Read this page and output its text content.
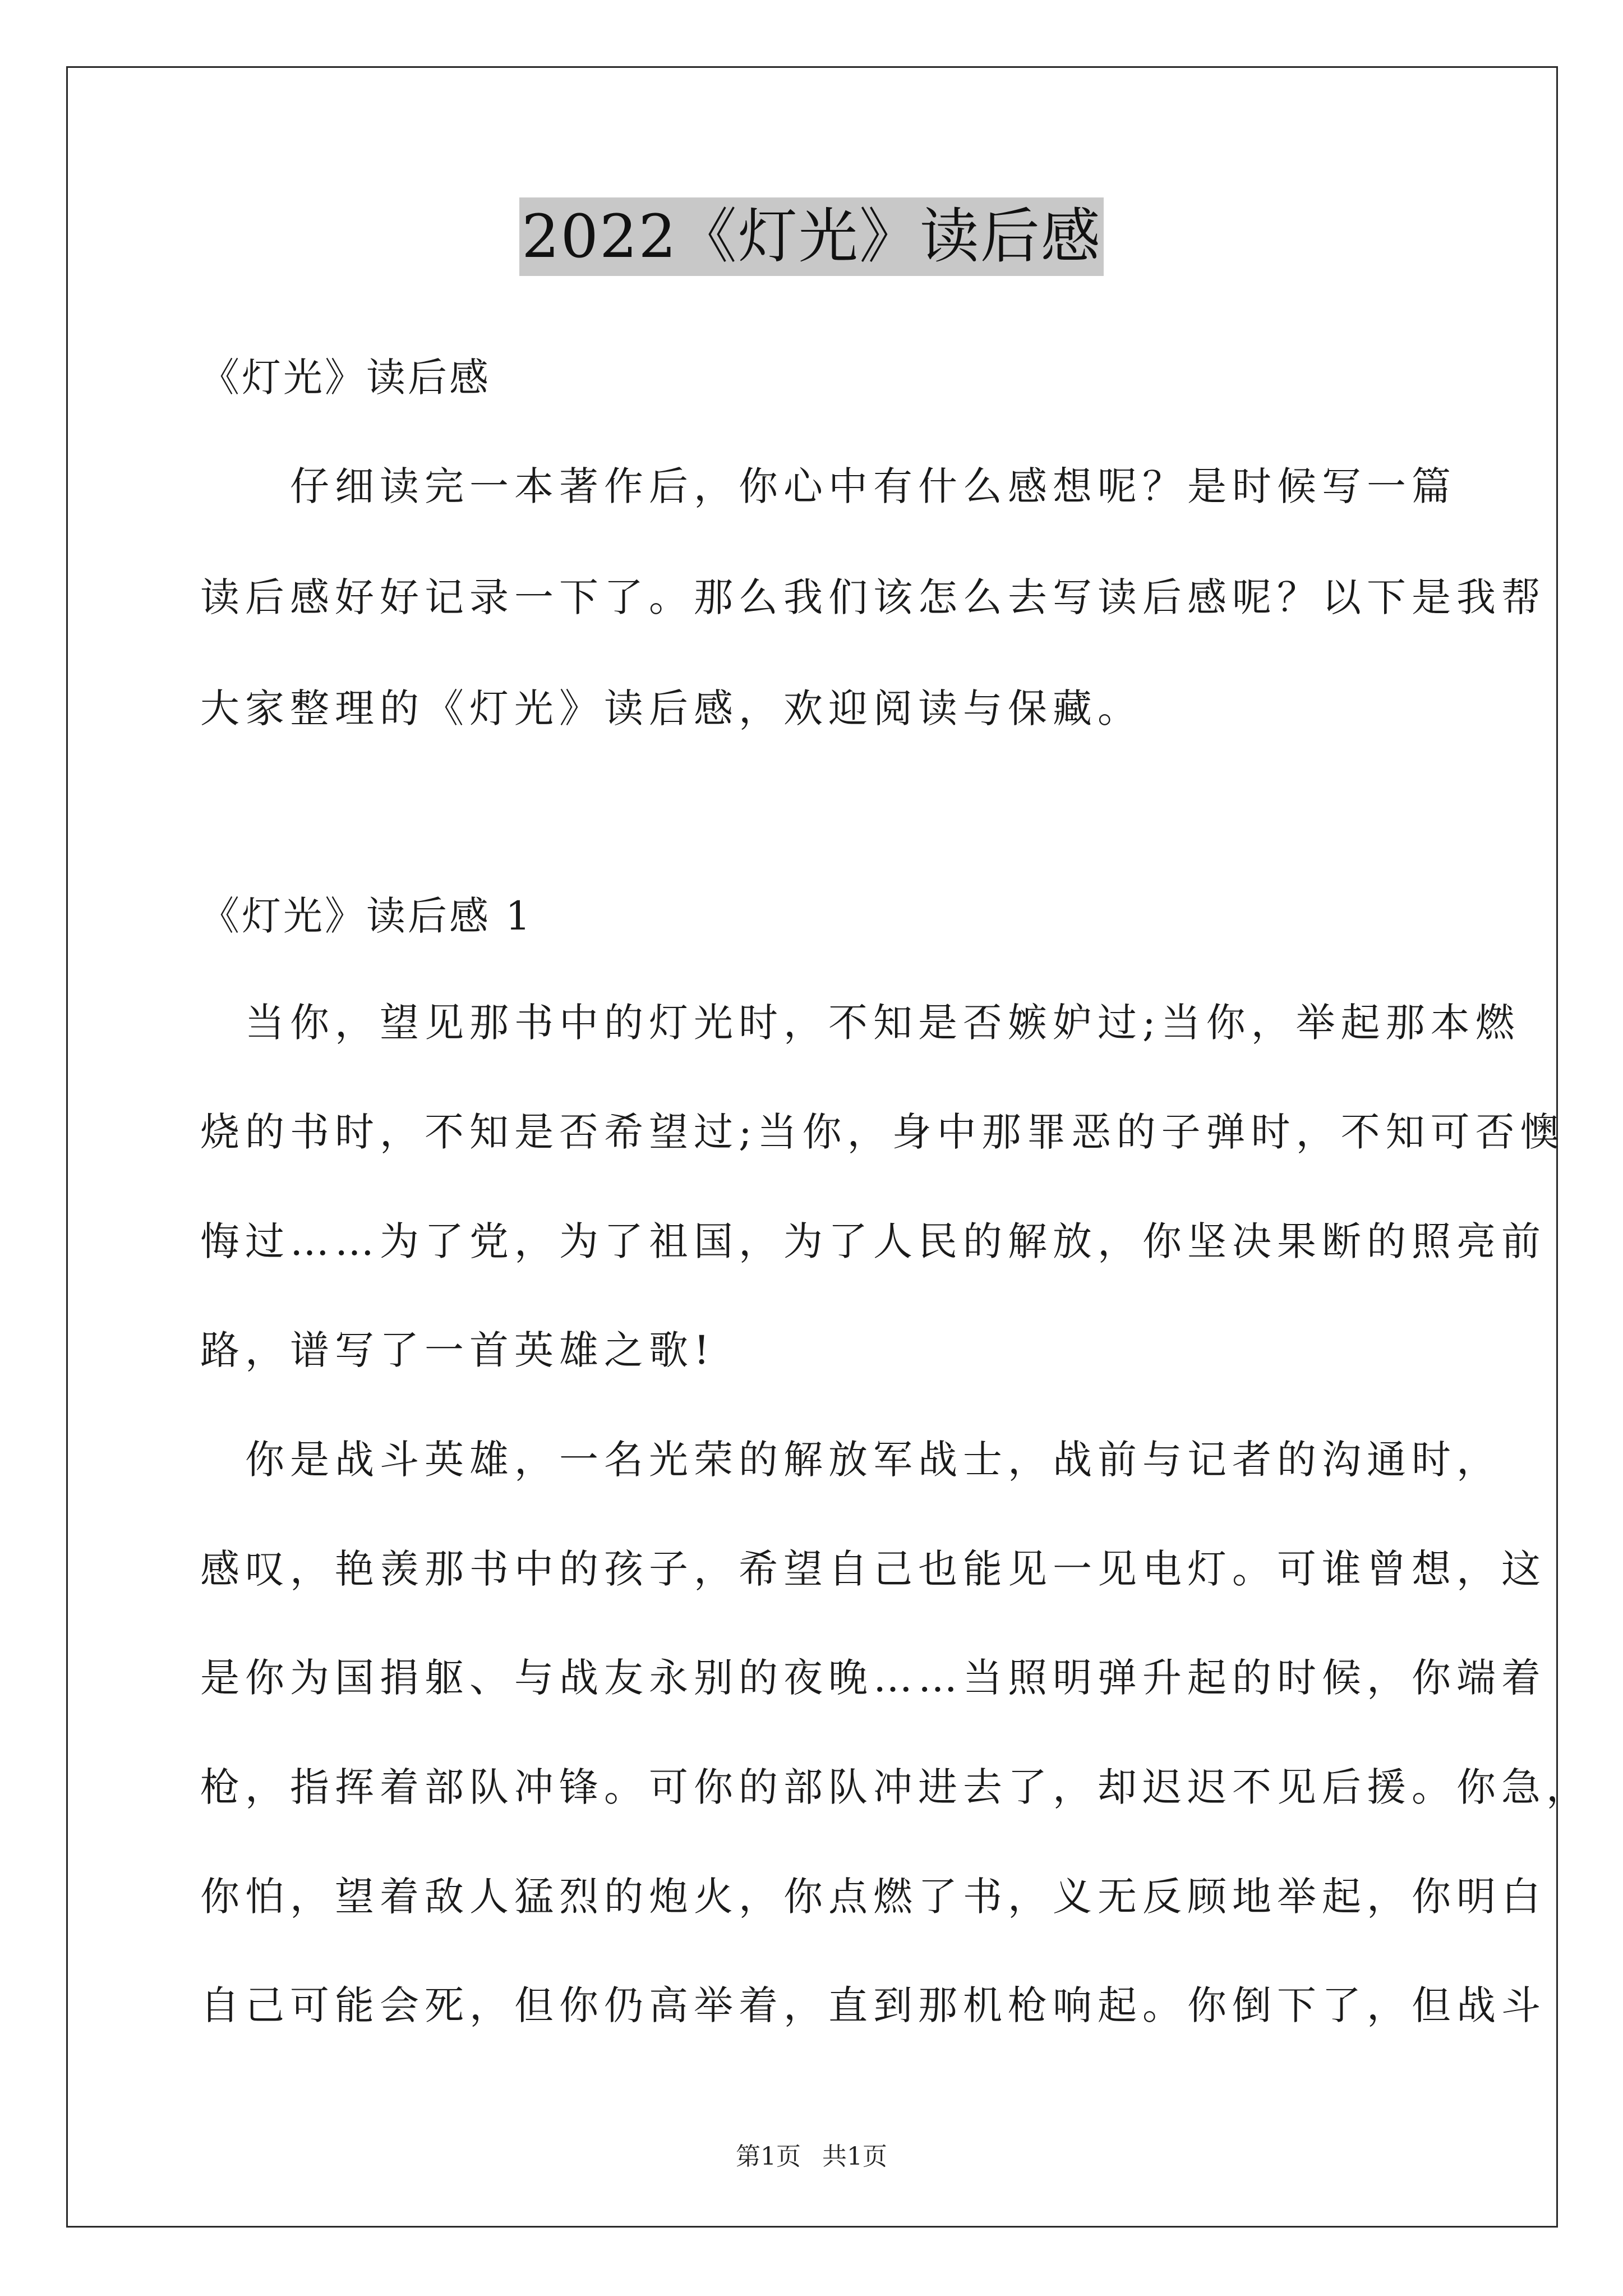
2022《灯光》读后感
《灯光》读后感
　　仔细读完一本著作后，你心中有什么感想呢？是时候写一篇
读后感好好记录一下了。那么我们该怎么去写读后感呢？以下是我帮
大家整理的《灯光》读后感，欢迎阅读与保藏。
《灯光》读后感 1
　当你，望见那书中的灯光时，不知是否嫉妒过;当你，举起那本燃
烧的书时，不知是否希望过;当你，身中那罪恶的子弹时，不知可否懊
悔过……为了党，为了祖国，为了人民的解放，你坚决果断的照亮前
路，谱写了一首英雄之歌!
　你是战斗英雄，一名光荣的解放军战士，战前与记者的沟通时，
感叹，艳羡那书中的孩子，希望自己也能见一见电灯。可谁曾想，这
是你为国捐躯、与战友永别的夜晚……当照明弹升起的时候，你端着
枪，指挥着部队冲锋。可你的部队冲进去了，却迟迟不见后援。你急，
你怕，望着敌人猛烈的炮火，你点燃了书，义无反顾地举起，你明白
自己可能会死，但你仍高举着，直到那机枪响起。你倒下了，但战斗
第1页 共1页
